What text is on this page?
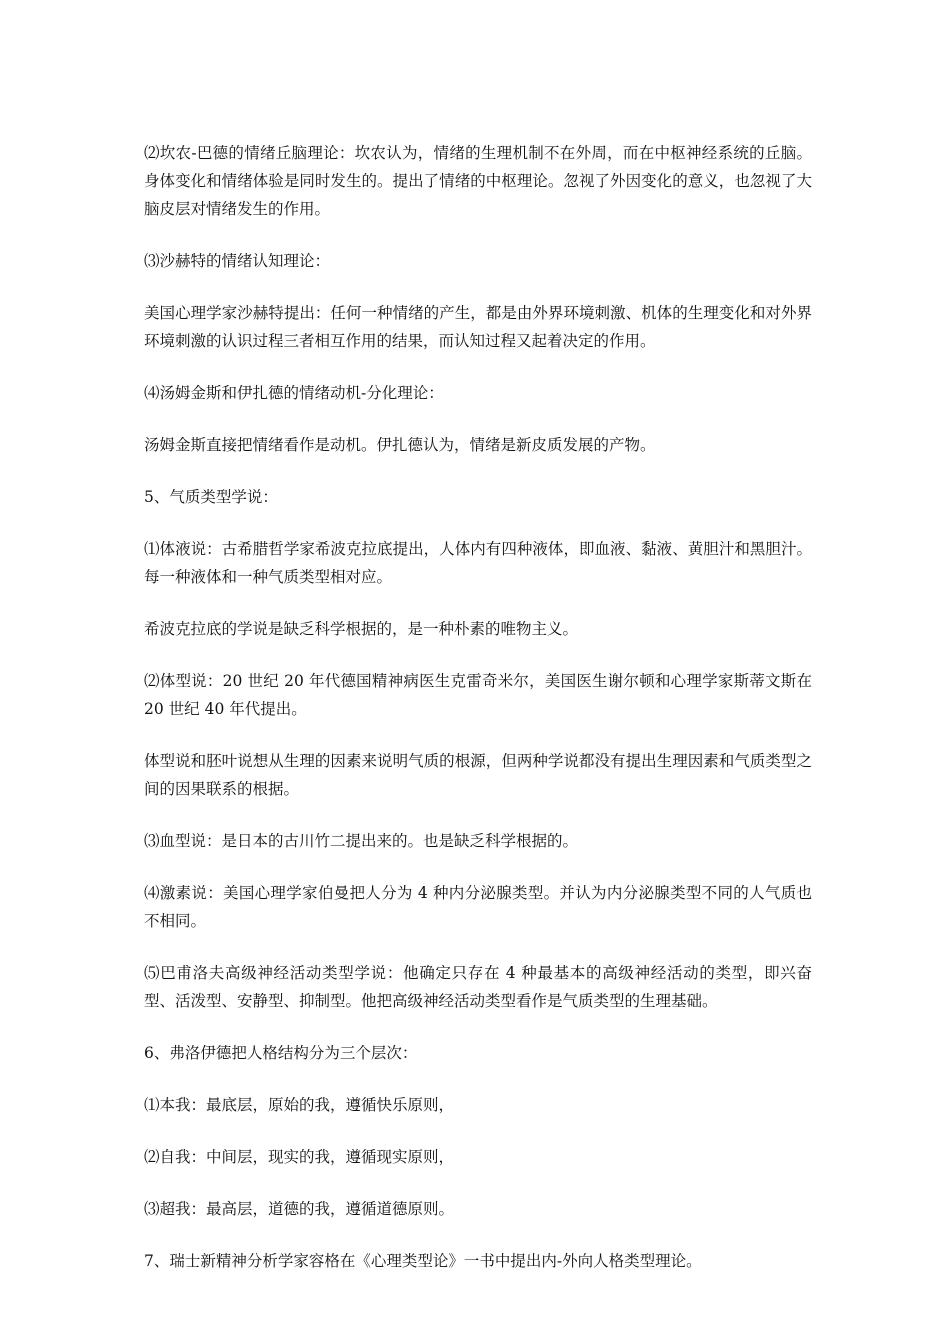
⑵坎农-巴德的情绪丘脑理论：坎农认为，情绪的生理机制不在外周，而在中枢神经系统的丘脑。身体变化和情绪体验是同时发生的。提出了情绪的中枢理论。忽视了外因变化的意义，也忽视了大脑皮层对情绪发生的作用。

⑶沙赫特的情绪认知理论：

美国心理学家沙赫特提出：任何一种情绪的产生，都是由外界环境刺激、机体的生理变化和对外界环境刺激的认识过程三者相互作用的结果，而认知过程又起着决定的作用。

⑷汤姆金斯和伊扎德的情绪动机-分化理论：

汤姆金斯直接把情绪看作是动机。伊扎德认为，情绪是新皮质发展的产物。

5、气质类型学说：

⑴体液说：古希腊哲学家希波克拉底提出，人体内有四种液体，即血液、黏液、黄胆汁和黑胆汁。每一种液体和一种气质类型相对应。

希波克拉底的学说是缺乏科学根据的，是一种朴素的唯物主义。

⑵体型说：20 世纪 20 年代德国精神病医生克雷奇米尔，美国医生谢尔顿和心理学家斯蒂文斯在 20 世纪 40 年代提出。

体型说和胚叶说想从生理的因素来说明气质的根源，但两种学说都没有提出生理因素和气质类型之间的因果联系的根据。

⑶血型说：是日本的古川竹二提出来的。也是缺乏科学根据的。

⑷激素说：美国心理学家伯曼把人分为 4 种内分泌腺类型。并认为内分泌腺类型不同的人气质也不相同。

⑸巴甫洛夫高级神经活动类型学说：他确定只存在 4 种最基本的高级神经活动的类型，即兴奋型、活泼型、安静型、抑制型。他把高级神经活动类型看作是气质类型的生理基础。

6、弗洛伊德把人格结构分为三个层次：

⑴本我：最底层，原始的我，遵循快乐原则，

⑵自我：中间层，现实的我，遵循现实原则，

⑶超我：最高层，道德的我，遵循道德原则。

7、瑞士新精神分析学家容格在《心理类型论》一书中提出内-外向人格类型理论。
